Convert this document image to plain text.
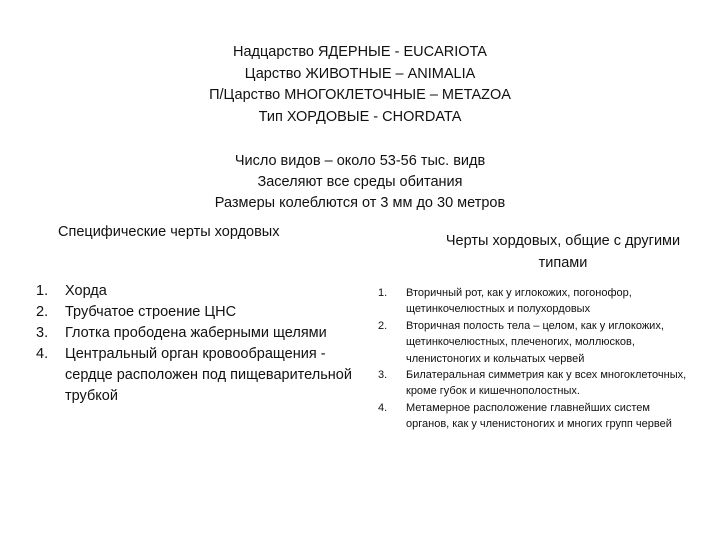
Надцарство ЯДЕРНЫЕ - EUCARIOTA
Царство ЖИВОТНЫЕ – ANIMALIA
П/Царство МНОГОКЛЕТОЧНЫЕ – METAZOA
Тип ХОРДОВЫЕ - CHORDATA
Число видов – около 53-56 тыс. видв
Заселяют все среды обитания
Размеры колеблются от 3 мм до 30 метров
Специфические черты хордовых
Черты хордовых, общие с другими типами
1. Хорда
2. Трубчатое строение ЦНС
3. Глотка прободена жаберными щелями
4. Центральный орган кровообращения - сердце расположен под пищеварительной трубкой
1. Вторичный рот, как у иглокожих, погонофор, щетинкочелюстных и полухордовых
2. Вторичная полость тела – целом, как у иглокожих, щетинкочелюстных, плеченогих, моллюсков, членистоногих и кольчатых червей
3. Билатеральная симметрия как у всех многоклеточных, кроме губок и кишечнополостных.
4. Метамерное расположение главнейших систем органов, как у членистоногих и многих групп червей
